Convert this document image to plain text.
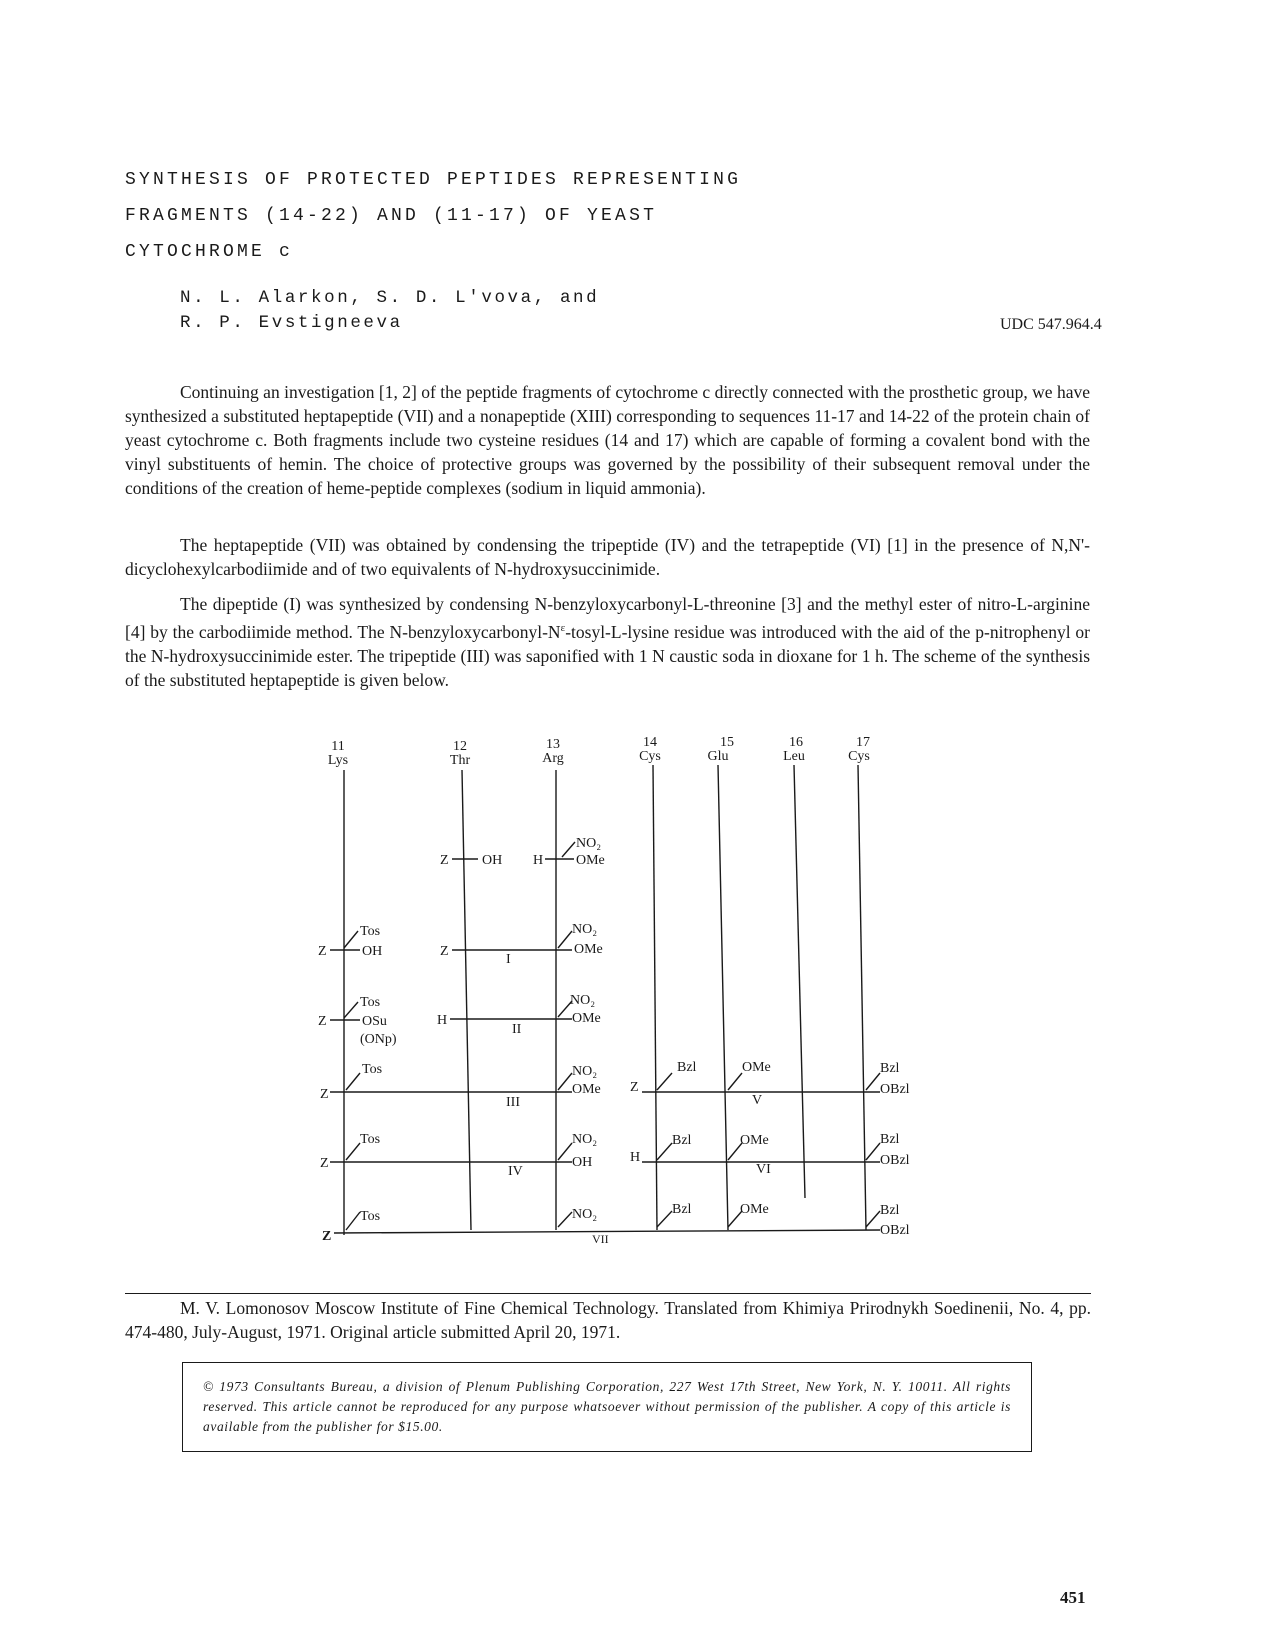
SYNTHESIS OF PROTECTED PEPTIDES REPRESENTING
FRAGMENTS (14-22) AND (11-17) OF YEAST
CYTOCHROME c
N. L. Alarkon, S. D. L'vova, and
R. P. Evstigneeva	UDC 547.964.4
Continuing an investigation [1, 2] of the peptide fragments of cytochrome c directly connected with the prosthetic group, we have synthesized a substituted heptapeptide (VII) and a nonapeptide (XIII) corresponding to sequences 11-17 and 14-22 of the protein chain of yeast cytochrome c. Both fragments include two cysteine residues (14 and 17) which are capable of forming a covalent bond with the vinyl substituents of hemin. The choice of protective groups was governed by the possibility of their subsequent removal under the conditions of the creation of heme-peptide complexes (sodium in liquid ammonia).
The heptapeptide (VII) was obtained by condensing the tripeptide (IV) and the tetrapeptide (VI) [1] in the presence of N,N'-dicyclohexylcarbodiimide and of two equivalents of N-hydroxysuccinimide.
The dipeptide (I) was synthesized by condensing N-benzyloxycarbonyl-L-threonine [3] and the methyl ester of nitro-L-arginine [4] by the carbodiimide method. The $N-benzyloxycarbonyl-N^\varepsilon-tosyl-L$-lysine residue was introduced with the aid of the p-nitrophenyl or the N-hydroxysuccinimide ester. The tripeptide (III) was saponified with 1 N caustic soda in dioxane for 1 h. The scheme of the synthesis of the substituted heptapeptide is given below.
11
Lys
12
Thr
13
Arg
14
Cys
15
Glu
16
Leu
17
Cys
Z OH H
NO₂
OMe
Z
Tos
OH	Z
I
NO₂
OMe
Z
Tos
OSu
(ONp)
H
II
NO₂
OMe
Z
Tos
III
NO₂
OMe Z
Bzl	OMe
V
Bzl
OBzl
Z
Tos
IV
NO₂
OH	H
Bzl	OMe
VI
Bzl
OBzl
Z
Tos	NO₂
VII
Bzl	OMe	Bzl
OBzl
M. V. Lomonosov Moscow Institute of Fine Chemical Technology. Translated from Khimiya Prirodnykh Soedinenii, No. 4, pp. 474-480, July-August, 1971. Original article submitted April 20, 1971.
© 1973 Consultants Bureau, a division of Plenum Publishing Corporation, 227 West 17th Street, New York, N. Y. 10011. All rights reserved. This article cannot be reproduced for any purpose whatsoever without permission of the publisher. A copy of this article is available from the publisher for $15.00.
451
